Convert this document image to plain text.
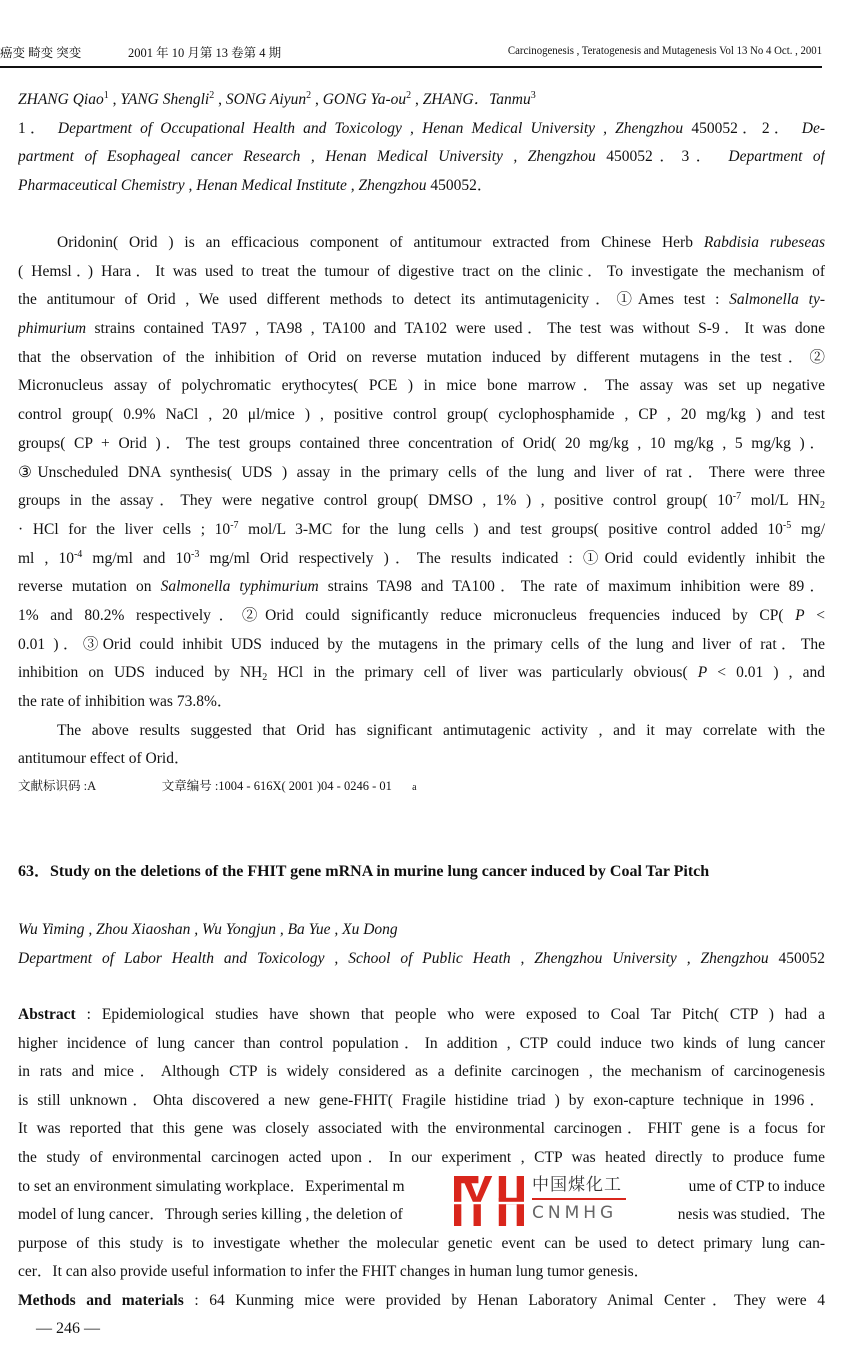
癌变 畸变 突变	2001 年 10 月第 13 卷第 4 期	Carcinogenesis , Teratogenesis and Mutagenesis Vol 13 No 4 Oct. , 2001
ZHANG Qiao$^1$ , YANG Shengli$^2$ , SONG Aiyun$^2$ , GONG $Ya-ou^2$ , ZHANG．Tanmu$^3$
1． Department of Occupational Health and Toxicology , Henan Medical University , Zhengzhou 450052．2． De-
partment of Esophageal cancer Research , Henan Medical University , Zhengzhou 450052．3． Department of
Pharmaceutical Chemistry , Henan Medical Institute , Zhengzhou 450052．
Oridonin( Orid ) is an efficacious component of antitumour extracted from Chinese Herb Rabdisia rubeseas
( Hemsl．) Hara．It was used to treat the tumour of digestive tract on the clinic．To investigate the mechanism of
the antitumour of Orid , We used different methods to detect its antimutagenicity．①Ames test : Salmonella ty-
phimurium strains contained TA97 , TA98 , TA100 and TA102 were used．The test was without S-9．It was done
that the observation of the inhibition of Orid on reverse mutation induced by different mutagens in the test．②
Micronucleus assay of polychromatic erythocytes( PCE ) in mice bone marrow．The assay was set up negative
control group( 0.9% NaCl , 20 μl/mice ) , positive control group( cyclophosphamide , CP , 20 mg/kg ) and test
groups( CP + Orid )．The test groups contained three concentration of Orid( 20 mg/kg , 10 mg/kg , 5 mg/kg )．
③Unscheduled DNA synthesis( UDS ) assay in the primary cells of the lung and liver of rat．There were three
groups in the assay．They were negative control group( DMSO , 1% ) , positive control group( $10^{-7}$ mol/L $HN_2$
· HCl for the liver cells ; $10^{-7}$ mol/L 3-MC for the lung cells ) and test groups( positive control added $10^{-5}$ mg/
ml , $10^{-4}$ mg/ml and $10^{-3}$ mg/ml Orid respectively )．The results indicated : ①Orid could evidently inhibit the
reverse mutation on Salmonella typhimurium strains TA98 and TA100．The rate of maximum inhibition were 89．
1% and 80.2% respectively．②Orid could significantly reduce micronucleus frequencies induced by CP( P <
0.01 )．③Orid could inhibit UDS induced by the mutagens in the primary cells of the lung and liver of rat．The
inhibition on UDS induced by $NH_2$ HCl in the primary cell of liver was particularly obvious( P < 0.01 ) , and
the rate of inhibition was 73.8%．
The above results suggested that Orid has significant antimutagenic activity , and it may correlate with the
antitumour effect of Orid．
文献标识码 :A	文章编号 :1004 - 616X( 2001 )04 - 0246 - 01 a
63．Study on the deletions of the FHIT gene mRNA in murine lung cancer induced by Coal Tar Pitch
Wu Yiming , Zhou Xiaoshan , Wu Yongjun , Ba Yue , Xu Dong
Department of Labor Health and Toxicology , School of Public Heath , Zhengzhou University , Zhengzhou 450052
Abstract : Epidemiological studies have shown that people who were exposed to Coal Tar Pitch( CTP ) had a
higher incidence of lung cancer than control population．In addition , CTP could induce two kinds of lung cancer
in rats and mice．Although CTP is widely considered as a definite carcinogen , the mechanism of carcinogenesis
is still unknown．Ohta discovered a new gene-FHIT( Fragile histidine triad ) by exon-capture technique in 1996．
It was reported that this gene was closely associated with the environmental carcinogen．FHIT gene is a focus for
the study of environmental carcinogen acted upon．In our experiment , CTP was heated directly to produce fume
to set an environment simulating workplace．Experimental m	ume of CTP to induce
model of lung cancer．Through series killing , the deletion of	nesis was studied．The
purpose of this study is to investigate whether the molecular genetic event can be used to detect primary lung can-
cer．It can also provide useful information to infer the FHIT changes in human lung tumor genesis．
Methods and materials : 64 Kunming mice were provided by Henan Laboratory Animal Center．They were 4
中国煤化工
CNMHG
— 246 —
